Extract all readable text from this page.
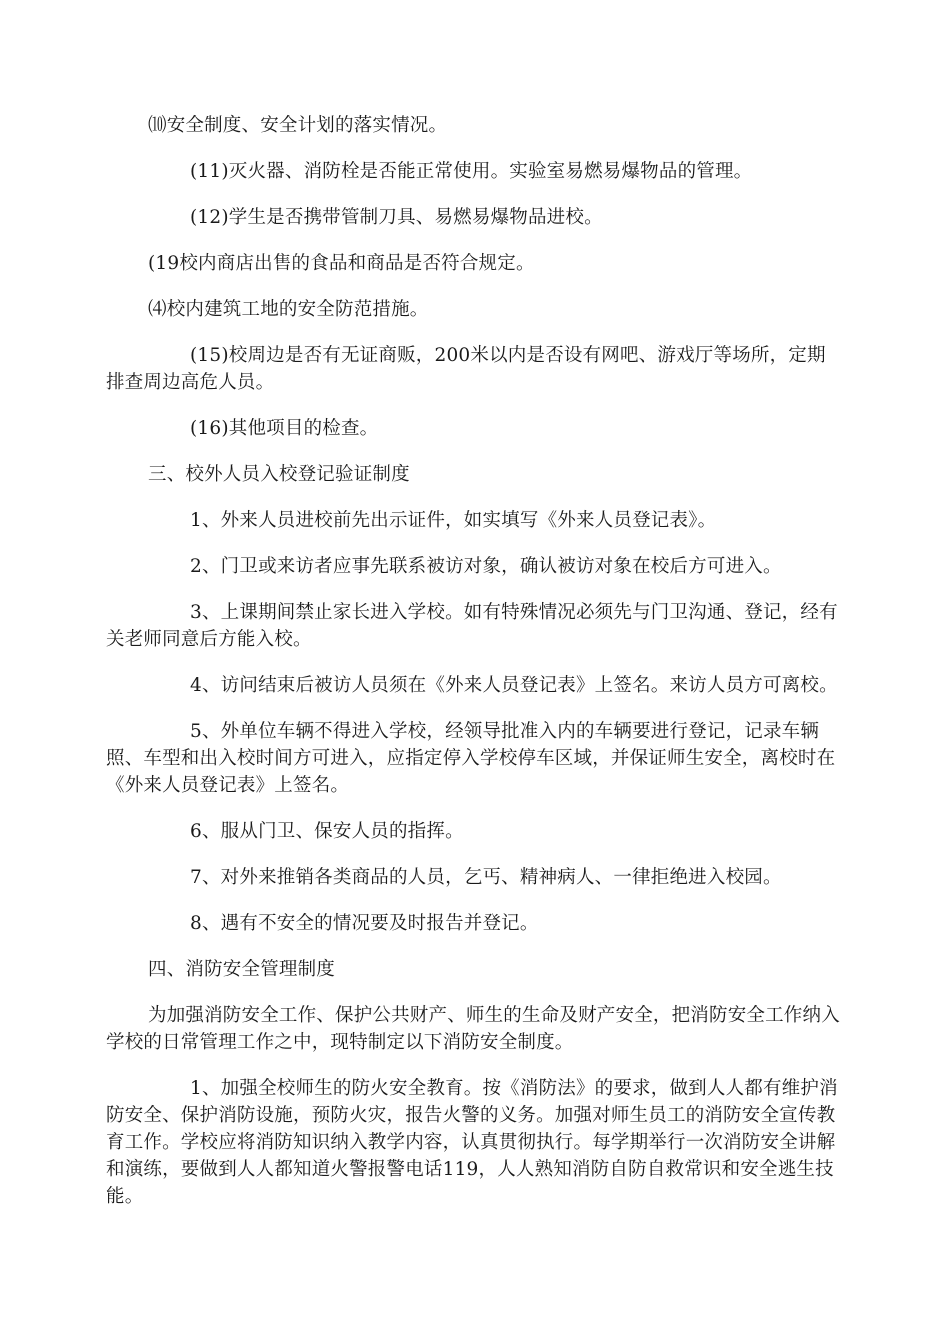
⑽安全制度、安全计划的落实情况。

(11)灭火器、消防栓是否能正常使用。实验室易燃易爆物品的管理。

(12)学生是否携带管制刀具、易燃易爆物品进校。

(19校内商店出售的食品和商品是否符合规定。

⑷校内建筑工地的安全防范措施。

(15)校周边是否有无证商贩，200米以内是否设有网吧、游戏厅等场所，定期排查周边高危人员。

(16)其他项目的检查。

三、校外人员入校登记验证制度

1、外来人员进校前先出示证件，如实填写《外来人员登记表》。

2、门卫或来访者应事先联系被访对象，确认被访对象在校后方可进入。

3、上课期间禁止家长进入学校。如有特殊情况必须先与门卫沟通、登记，经有关老师同意后方能入校。

4、访问结束后被访人员须在《外来人员登记表》上签名。来访人员方可离校。

5、外单位车辆不得进入学校，经领导批准入内的车辆要进行登记，记录车辆照、车型和出入校时间方可进入，应指定停入学校停车区域，并保证师生安全，离校时在《外来人员登记表》上签名。

6、服从门卫、保安人员的指挥。

7、对外来推销各类商品的人员，乞丐、精神病人、一律拒绝进入校园。

8、遇有不安全的情况要及时报告并登记。

四、消防安全管理制度

为加强消防安全工作、保护公共财产、师生的生命及财产安全，把消防安全工作纳入学校的日常管理工作之中，现特制定以下消防安全制度。

1、加强全校师生的防火安全教育。按《消防法》的要求，做到人人都有维护消防安全、保护消防设施，预防火灾，报告火警的义务。加强对师生员工的消防安全宣传教育工作。学校应将消防知识纳入教学内容，认真贯彻执行。每学期举行一次消防安全讲解和演练，要做到人人都知道火警报警电话119，人人熟知消防自防自救常识和安全逃生技能。
